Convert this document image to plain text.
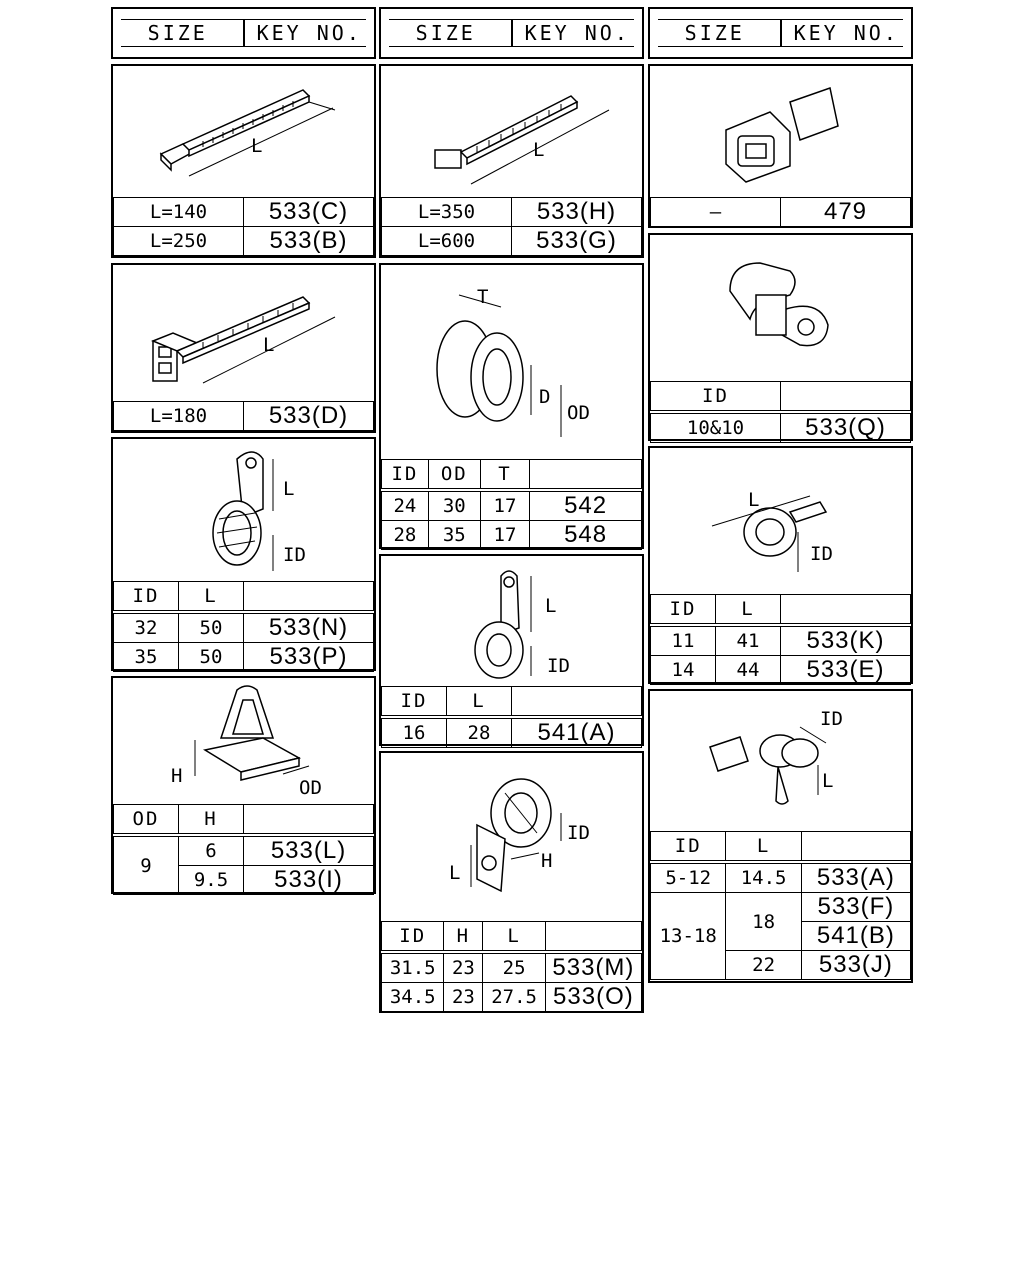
SIZE	KEY NO.	SIZE	KEY NO.	SIZE	KEY NO.
L
L=140	533(C)
L=250	533(B)
L
L=180	533(D)
L
ID
ID	L	
32	50	533(N)
35	50	533(P)
H
OD
OD	H	
9	6	533(L)
	9.5	533(I)
L
L=350	533(H)
L=600	533(G)
T
D
OD
ID	OD	T	
24	30	17	542
28	35	17	548
L
ID
ID	L	
16	28	541(A)
ID
L
H
ID	H	L	
31.5	23	25	533(M)
34.5	23	27.5	533(O)
—	479
ID	
10&10	533(Q)
L
ID
ID	L	
11	41	533(K)
14	44	533(E)
ID
L
ID	L	
5-12	14.5	533(A)
13-18	18	533(F)
		541(B)
	22	533(J)
